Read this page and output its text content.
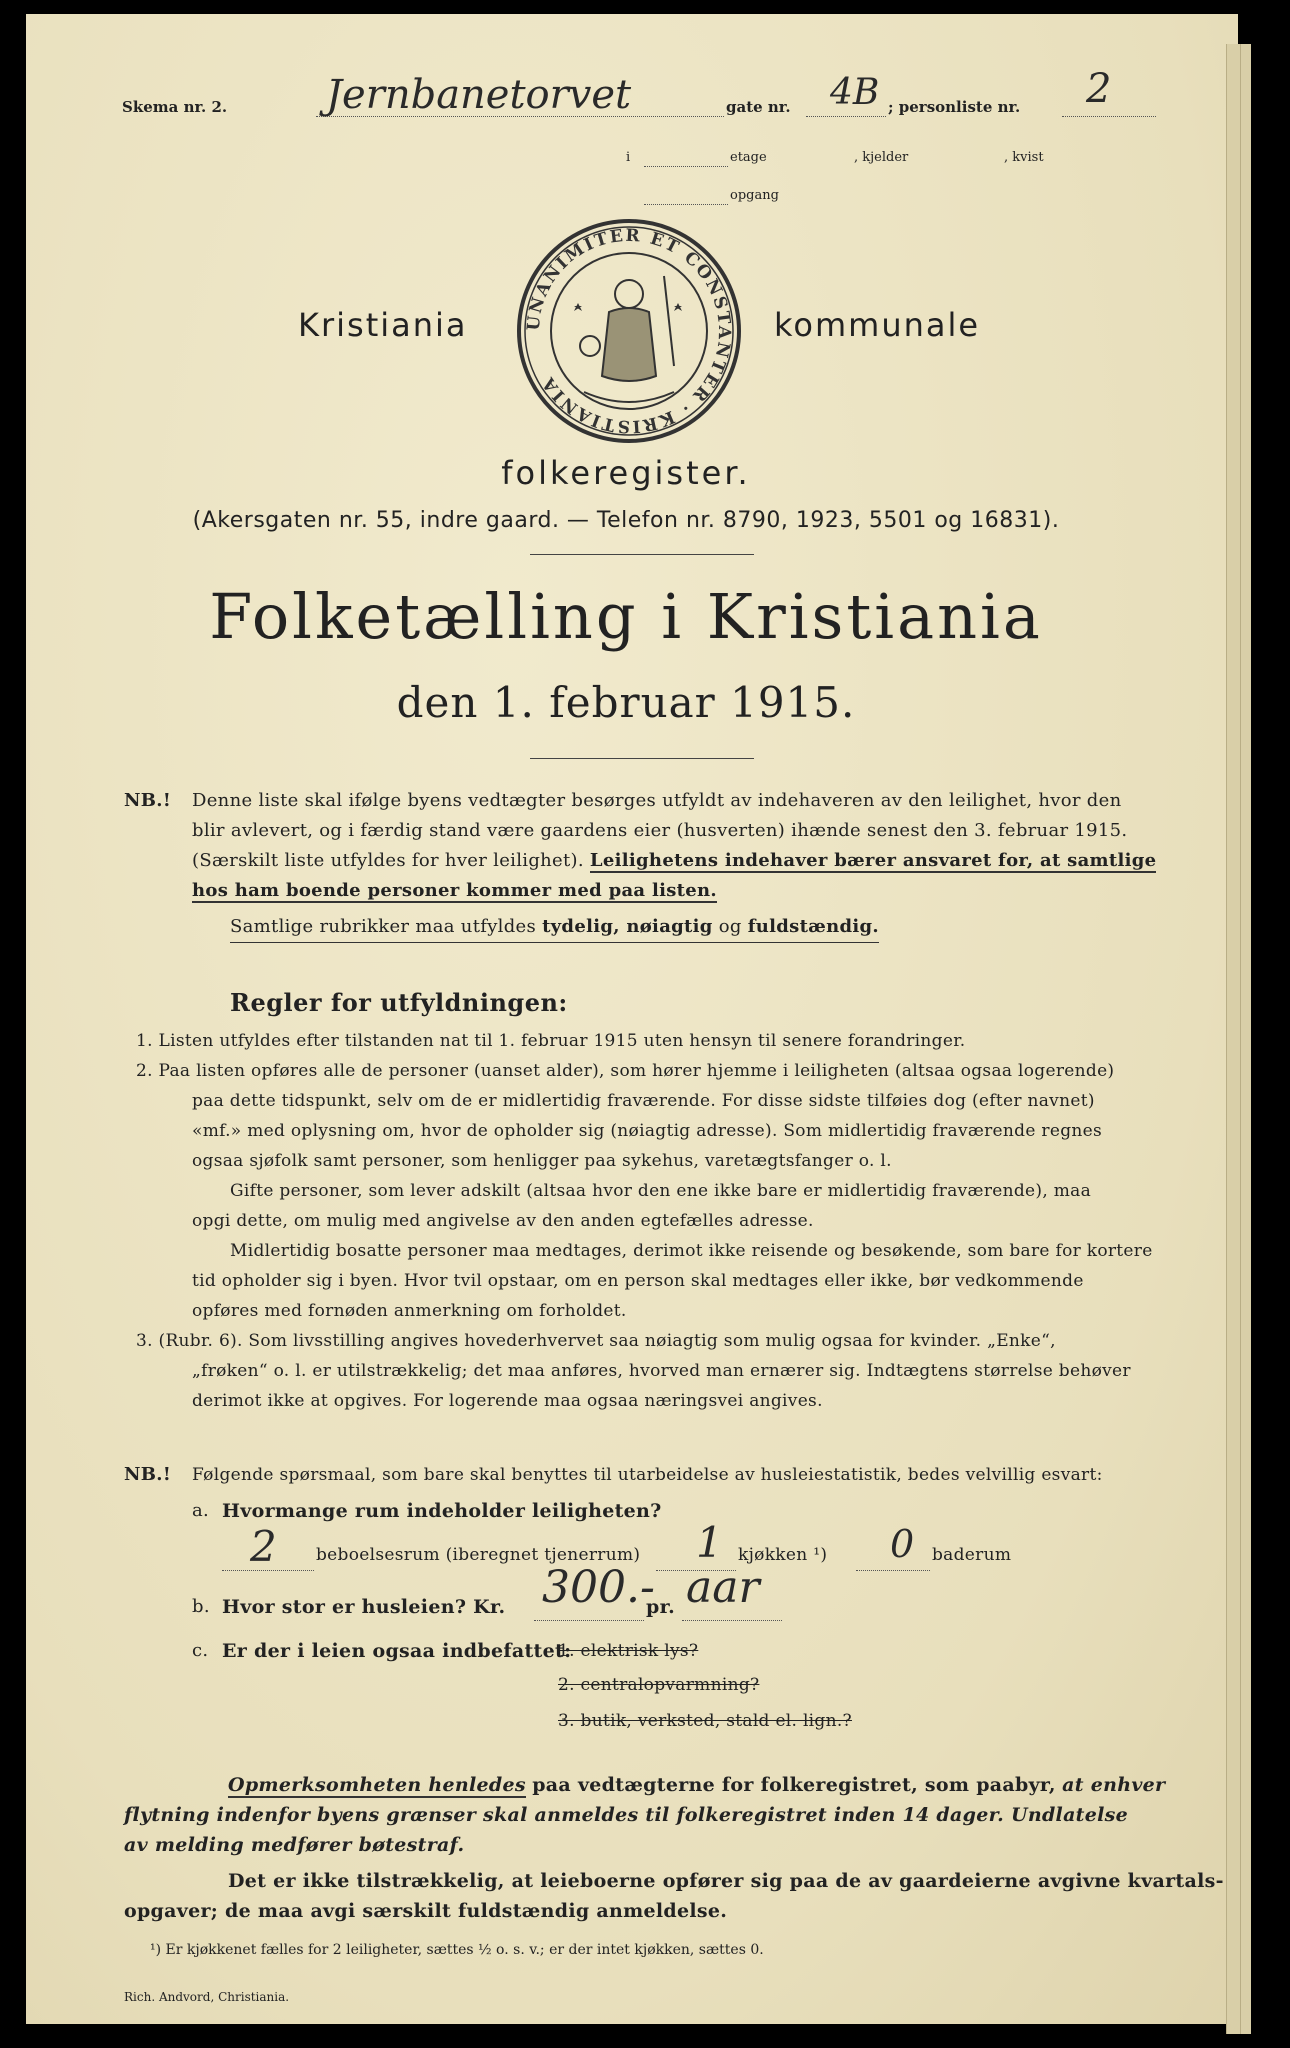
Skema nr. 2. Jernbanetorvet	gate nr. 4B ; personliste nr. 2
i	etage	, kjelder	, kvist
opgang
Kristiania	UNANIMITER ET CONSTANTER · KRISTIANIA
kommunale
folkeregister.
(Akersgaten nr. 55, indre gaard. — Telefon nr. 8790, 1923, 5501 og 16831).
Folketælling i Kristiania
den 1. februar 1915.
NB.! Denne liste skal ifølge byens vedtægter besørges utfyldt av indehaveren av den leilighet, hvor den
blir avlevert, og i færdig stand være gaardens eier (husverten) ihænde senest den 3. februar 1915.
(Særskilt liste utfyldes for hver leilighet). Leilighetens indehaver bærer ansvaret for, at samtlige
hos ham boende personer kommer med paa listen.
Samtlige rubrikker maa utfyldes tydelig, nøiagtig og fuldstændig.
Regler for utfyldningen:
1. Listen utfyldes efter tilstanden nat til 1. februar 1915 uten hensyn til senere forandringer.
2. Paa listen opføres alle de personer (uanset alder), som hører hjemme i leiligheten (altsaa ogsaa logerende)
paa dette tidspunkt, selv om de er midlertidig fraværende. For disse sidste tilføies dog (efter navnet)
«mf.» med oplysning om, hvor de opholder sig (nøiagtig adresse). Som midlertidig fraværende regnes
ogsaa sjøfolk samt personer, som henligger paa sykehus, varetægtsfanger o. l.
Gifte personer, som lever adskilt (altsaa hvor den ene ikke bare er midlertidig fraværende), maa
opgi dette, om mulig med angivelse av den anden egtefælles adresse.
Midlertidig bosatte personer maa medtages, derimot ikke reisende og besøkende, som bare for kortere
tid opholder sig i byen. Hvor tvil opstaar, om en person skal medtages eller ikke, bør vedkommende
opføres med fornøden anmerkning om forholdet.
3. (Rubr. 6). Som livsstilling angives hovederhvervet saa nøiagtig som mulig ogsaa for kvinder. „Enke“,
„frøken“ o. l. er utilstrækkelig; det maa anføres, hvorved man ernærer sig. Indtægtens størrelse behøver
derimot ikke at opgives. For logerende maa ogsaa næringsvei angives.
NB.! Følgende spørsmaal, som bare skal benyttes til utarbeidelse av husleiestatistik, bedes velvillig esvart:
a. Hvormange rum indeholder leiligheten?
2 beboelsesrum (iberegnet tjenerrum) 1 kjøkken ¹) 0 baderum
b. Hvor stor er husleien? Kr. 300.-
pr. aar
c. Er der i leien ogsaa indbefattet:
1. elektrisk lys?
2. centralopvarmning?
3. butik, verksted, stald el. lign.?
Opmerksomheten henledes paa vedtægterne for folkeregistret, som paabyr, at enhver
flytning indenfor byens grænser skal anmeldes til folkeregistret inden 14 dager. Undlatelse
av melding medfører bøtestraf.
Det er ikke tilstrækkelig, at leieboerne opfører sig paa de av gaardeierne avgivne kvartals-
opgaver; de maa avgi særskilt fuldstændig anmeldelse.
¹) Er kjøkkenet fælles for 2 leiligheter, sættes ½ o. s. v.; er der intet kjøkken, sættes 0.
Rich. Andvord, Christiania.
